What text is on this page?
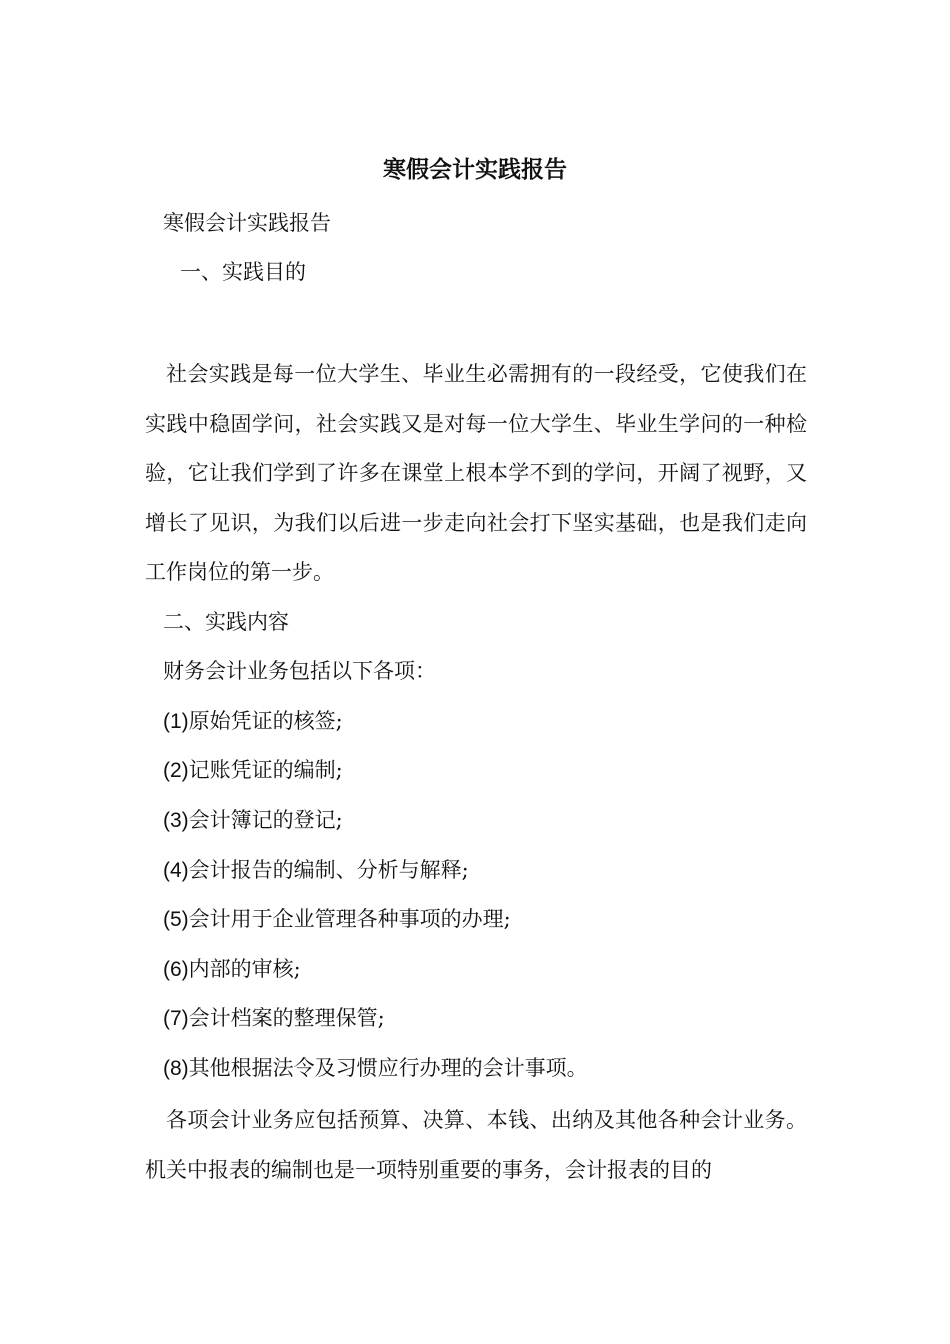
寒假会计实践报告

寒假会计实践报告

一、实践目的

社会实践是每一位大学生、毕业生必需拥有的一段经受，它使我们在实践中稳固学问，社会实践又是对每一位大学生、毕业生学问的一种检验，它让我们学到了许多在课堂上根本学不到的学问，开阔了视野，又增长了见识，为我们以后进一步走向社会打下坚实基础，也是我们走向工作岗位的第一步。

二、实践内容

财务会计业务包括以下各项：

(1)原始凭证的核签;

(2)记账凭证的编制;

(3)会计簿记的登记;

(4)会计报告的编制、分析与解释;

(5)会计用于企业管理各种事项的办理;

(6)内部的审核;

(7)会计档案的整理保管;

(8)其他根据法令及习惯应行办理的会计事项。

各项会计业务应包括预算、决算、本钱、出纳及其他各种会计业务。机关中报表的编制也是一项特别重要的事务，会计报表的目的
